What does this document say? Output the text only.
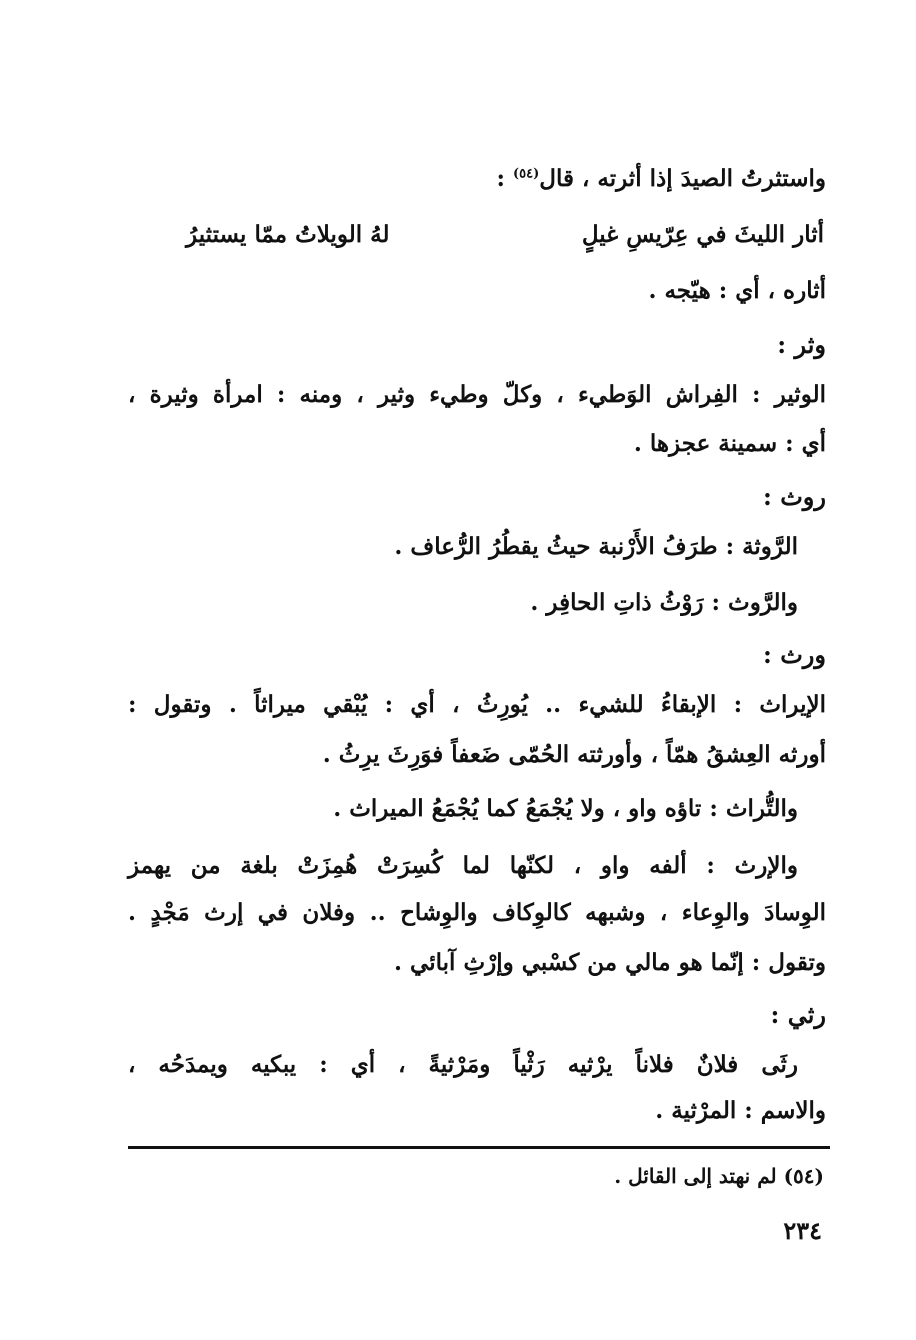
واستثرتُ الصيدَ إذا أثرته ، قال$^{(٥٤)}$ :
أثار الليثَ في عِرّيسِ غيلٍ
لهُ الويلاتُ ممّا يستثيرُ
أثاره ، أي : هيّجه .
وثر :
الوثير : الفِراش الوَطيء ، وكلّ وطيء وثير ، ومنه : امرأة وثيرة ،
أي : سمينة عجزها .
روث :
الرَّوثة : طرَفُ الأَرْنبة حيثُ يقطُرُ الرُّعاف .
والرَّوث : رَوْثُ ذاتِ الحافِر .
ورث :
الإيراث : الإبقاءُ للشيء .. يُورِثُ ، أي : يُبْقي ميراثاً . وتقول :
أورثه العِشقُ همّاً ، وأورثته الحُمّى ضَعفاً فوَرِثَ يرِثُ .
والتُّراث : تاؤه واو ، ولا يُجْمَعُ كما يُجْمَعُ الميراث .
والإرث : ألفه واو ، لكنّها لما كُسِرَتْ هُمِزَتْ بلغة من يهمز
الوِسادَ والوِعاء ، وشبهه كالوِكاف والوِشاح .. وفلان في إرث مَجْدٍ .
وتقول : إنّما هو مالي من كسْبي وإرْثِ آبائي .
رثي :
رثَى فلانٌ فلاناً يرْثيه رَثْياً ومَرْثيةً ، أي : يبكيه ويمدَحُه ،
والاسم : المرْثية .
(٥٤) لم نهتد إلى القائل .
٢٣٤
